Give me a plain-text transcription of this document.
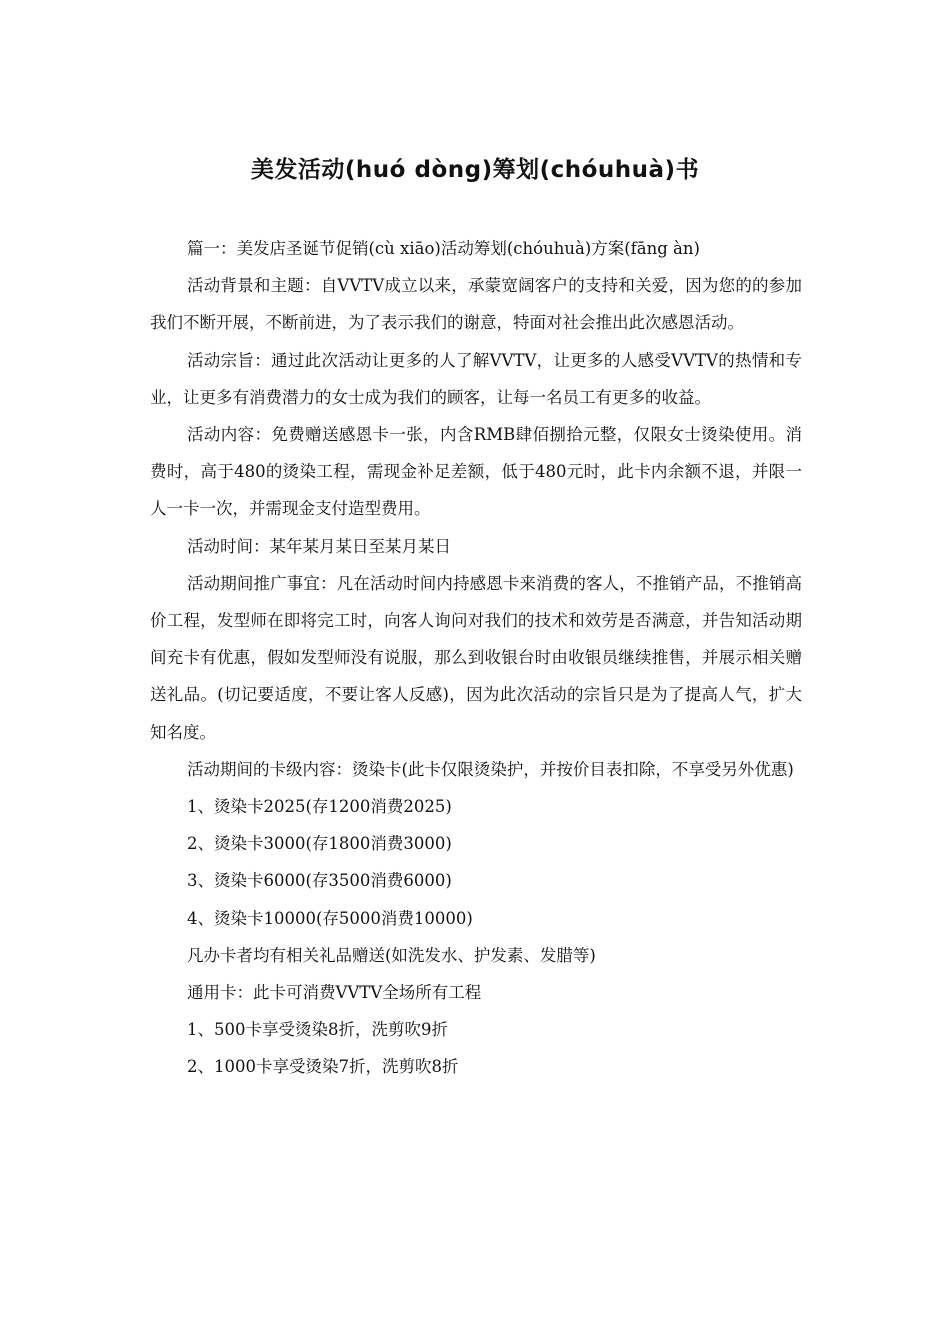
美发活动(huó dòng)筹划(chóuhuà)书

篇一：美发店圣诞节促销(cù xiāo)活动筹划(chóuhuà)方案(fāng àn)

活动背景和主题：自VVTV成立以来，承蒙宽阔客户的支持和关爱，因为您的的参加我们不断开展，不断前进，为了表示我们的谢意，特面对社会推出此次感恩活动。

活动宗旨：通过此次活动让更多的人了解VVTV，让更多的人感受VVTV的热情和专业，让更多有消费潜力的女士成为我们的顾客，让每一名员工有更多的收益。

活动内容：免费赠送感恩卡一张，内含RMB肆佰捌拾元整，仅限女士烫染使用。消费时，高于480的烫染工程，需现金补足差额，低于480元时，此卡内余额不退，并限一人一卡一次，并需现金支付造型费用。

活动时间：某年某月某日至某月某日

活动期间推广事宜：凡在活动时间内持感恩卡来消费的客人，不推销产品，不推销高价工程，发型师在即将完工时，向客人询问对我们的技术和效劳是否满意，并告知活动期间充卡有优惠，假如发型师没有说服，那么到收银台时由收银员继续推售，并展示相关赠送礼品。(切记要适度，不要让客人反感)，因为此次活动的宗旨只是为了提高人气，扩大知名度。

活动期间的卡级内容：烫染卡(此卡仅限烫染护，并按价目表扣除，不享受另外优惠)

1、烫染卡2025(存1200消费2025)

2、烫染卡3000(存1800消费3000)

3、烫染卡6000(存3500消费6000)

4、烫染卡10000(存5000消费10000)

凡办卡者均有相关礼品赠送(如洗发水、护发素、发腊等)

通用卡：此卡可消费VVTV全场所有工程

1、500卡享受烫染8折，洗剪吹9折

2、1000卡享受烫染7折，洗剪吹8折
